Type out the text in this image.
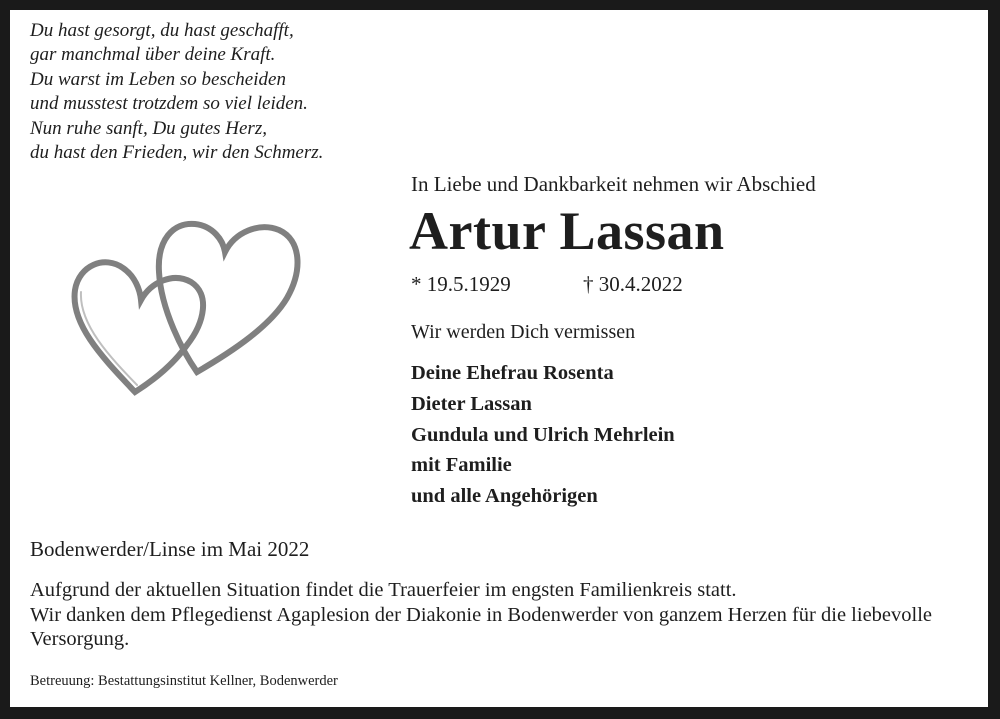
Du hast gesorgt, du hast geschafft,
gar manchmal über deine Kraft.
Du warst im Leben so bescheiden
und musstest trotzdem so viel leiden.
Nun ruhe sanft, Du gutes Herz,
du hast den Frieden, wir den Schmerz.

In Liebe und Dankbarkeit nehmen wir Abschied

Artur Lassan

* 19.5.1929	† 30.4.2022

Wir werden Dich vermissen

Deine Ehefrau Rosenta
Dieter Lassan
Gundula und Ulrich Mehrlein
mit Familie
und alle Angehörigen

Bodenwerder/Linse im Mai 2022

Aufgrund der aktuellen Situation findet die Trauerfeier im engsten Familienkreis statt.

Wir danken dem Pflegedienst Agaplesion der Diakonie in Bodenwerder von ganzem Herzen für die liebevolle Versorgung.

Betreuung: Bestattungsinstitut Kellner, Bodenwerder
